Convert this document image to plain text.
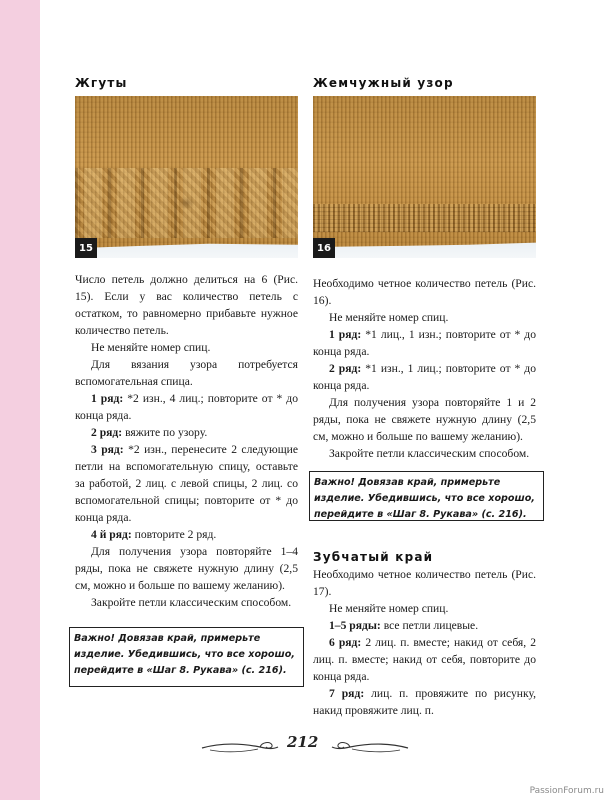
Жгуты
15

Число петель должно делиться на 6 (Рис. 15). Если у вас количество петель с остатком, то равномерно прибавьте нужное количество петель.

Не меняйте номер спиц.

Для вязания узора потребуется вспомогательная спица.

1 ряд: *2 изн., 4 лиц.; повторите от * до конца ряда.

2 ряд: вяжите по узору.

3 ряд: *2 изн., перенесите 2 следующие петли на вспомогательную спицу, оставьте за работой, 2 лиц. с левой спицы, 2 лиц. со вспомогательной спицы; повторите от * до конца ряда.

4 й ряд: повторите 2 ряд.

Для получения узора повторяйте 1–4 ряды, пока не свяжете нужную длину (2,5 см, можно и больше по вашему желанию).

Закройте петли классическим способом.

Важно! Довязав край, примерьте изделие. Убедившись, что все хорошо, перейдите в «Шаг 8. Рукава» (с. 216).
Жемчужный узор
16

Необходимо четное количество петель (Рис. 16).

Не меняйте номер спиц.

1 ряд: *1 лиц., 1 изн.; повторите от * до конца ряда.

2 ряд: *1 изн., 1 лиц.; повторите от * до конца ряда.

Для получения узора повторяйте 1 и 2 ряды, пока не свяжете нужную длину (2,5 см, можно и больше по вашему желанию).

Закройте петли классическим способом.

Важно! Довязав край, примерьте изделие. Убедившись, что все хорошо, перейдите в «Шаг 8. Рукава» (с. 216).
Зубчатый край

Необходимо четное количество петель (Рис. 17).

Не меняйте номер спиц.

1–5 ряды: все петли лицевые.

6 ряд: 2 лиц. п. вместе; накид от себя, 2 лиц. п. вместе; накид от себя, повторите до конца ряда.

7 ряд: лиц. п. провяжите по рисунку, накид провяжите лиц. п.

212
PassionForum.ru
